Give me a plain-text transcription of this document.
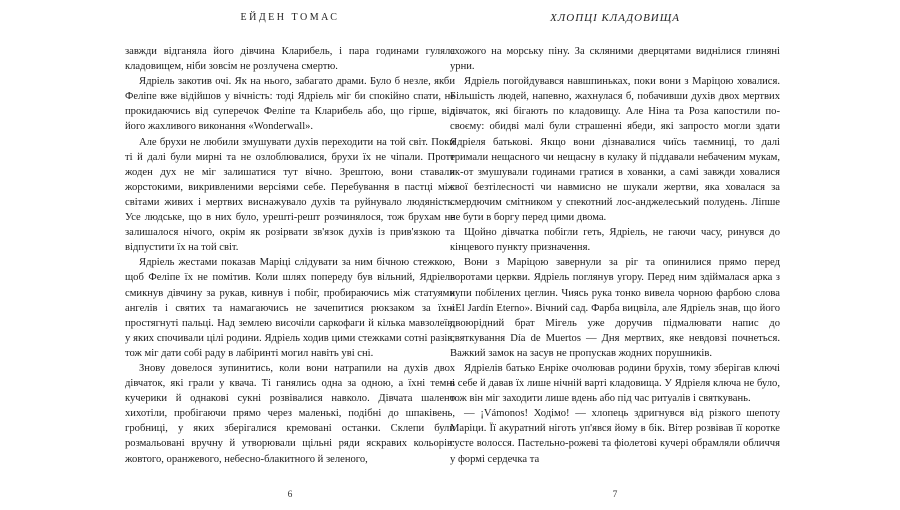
ЕЙДЕН ТОМАС

завжди відганяла його дівчина Кларибель, і пара годинами гуляла кладовищем, ніби зовсім не розлучена смертю.

Ядріель закотив очі. Як на нього, забагато драми. Було б незле, якби Феліпе вже відійшов у вічність: тоді Ядріель міг би спокійно спати, не прокидаючись від суперечок Феліпе та Кларибель або, що гірше, від його жахливого виконання «Wonderwall».

Але брухи не любили змушувати духів переходити на той світ. Поки ті й далі були мирні та не озлоблювалися, брухи їх не чіпали. Проте жоден дух не міг залишатися тут вічно. Зрештою, вони ставали жорстокими, викривленими версіями себе. Перебування в пастці між світами живих і мертвих виснажувало духів та руйнувало людяність. Усе людське, що в них було, урешті-решт розчинялося, тож брухам не залишалося нічого, окрім як розірвати зв'язок духів із прив'язкою та відпустити їх на той світ.

Ядріель жестами показав Маріці слідувати за ним бічною стежкою, щоб Феліпе їх не помітив. Коли шлях попереду був вільний, Ядріель смикнув дівчину за рукав, кивнув і побіг, пробираючись між статуями ангелів і святих та намагаючись не зачепитися рюкзаком за їхні простягнуті пальці. Над землею височіли саркофаги й кілька мавзолеїв, у яких спочивали цілі родини. Ядріель ходив цими стежками сотні разів, тож міг дати собі раду в лабіринті могил навіть уві сні.

Знову довелося зупинитись, коли вони натрапили на духів двох дівчаток, які грали у квача. Ті ганялись одна за одною, а їхні темні кучерики й однакові сукні розвівалися навколо. Дівчата шалено хихотіли, пробігаючи прямо через маленькі, подібні до шпаківень, гробниці, у яких зберігалися кремовані останки. Склепи були розмальовані вручну й утворювали щільні ряди яскравих кольорів: жовтого, оранжевого, небесно-блакитного й зеленого,

6
ХЛОПЦІ КЛАДОВИЩА

схожого на морську піну. За скляними дверцятами виднілися глиняні урни.

Ядріель погойдувався навшпиньках, поки вони з Маріцою ховалися. Більшість людей, напевно, жахнулася б, побачивши духів двох мертвих дівчаток, які бігають по кладовищу. Але Ніна та Роза капостили по-своєму: обидві малі були страшенні ябеди, які запросто могли здати Ядріеля батькові. Якщо вони дізнавалися чиїсь таємниці, то далі тримали нещасного чи нещасну в кулаку й піддавали небаченим мукам, як-от змушували годинами гратися в хованки, а самі завжди ховалися свої безтілесності чи навмисно не шукали жертви, яка ховалася за смердючим смітником у спекотний лос-анджелеський полудень. Ліпше не бути в боргу перед цими двома.

Щойно дівчатка побігли геть, Ядріель, не гаючи часу, ринувся до кінцевого пункту призначення.

Вони з Маріцою завернули за ріг та опинилися прямо перед воротами церкви. Ядріель поглянув угору. Перед ним здіймалася арка з купи побілених цеглин. Чиясь рука тонко вивела чорною фарбою слова «El Jardín Eterno». Вічний сад. Фарба вицвіла, але Ядріель знав, що його двоюрідний брат Мігель уже доручив підмалювати напис до святкування Día de Muertos — Дня мертвих, яке невдовзі почнеться. Важкий замок на засув не пропускав жодних порушників.

Ядріелів батько Енріке очолював родини брухів, тому зберігав ключі в себе й давав їх лише нічній варті кладовища. У Ядріеля ключа не було, тож він міг заходити лише вдень або під час ритуалів і святкувань.

— ¡Vámonos! Ходімо! — хлопець здригнувся від різкого шепоту Маріци. Її акуратний ніготь уп'явся йому в бік. Вітер розвівав її коротке густе волосся. Пастельно-рожеві та фіолетові кучері обрамляли обличчя у формі сердечка та

7
